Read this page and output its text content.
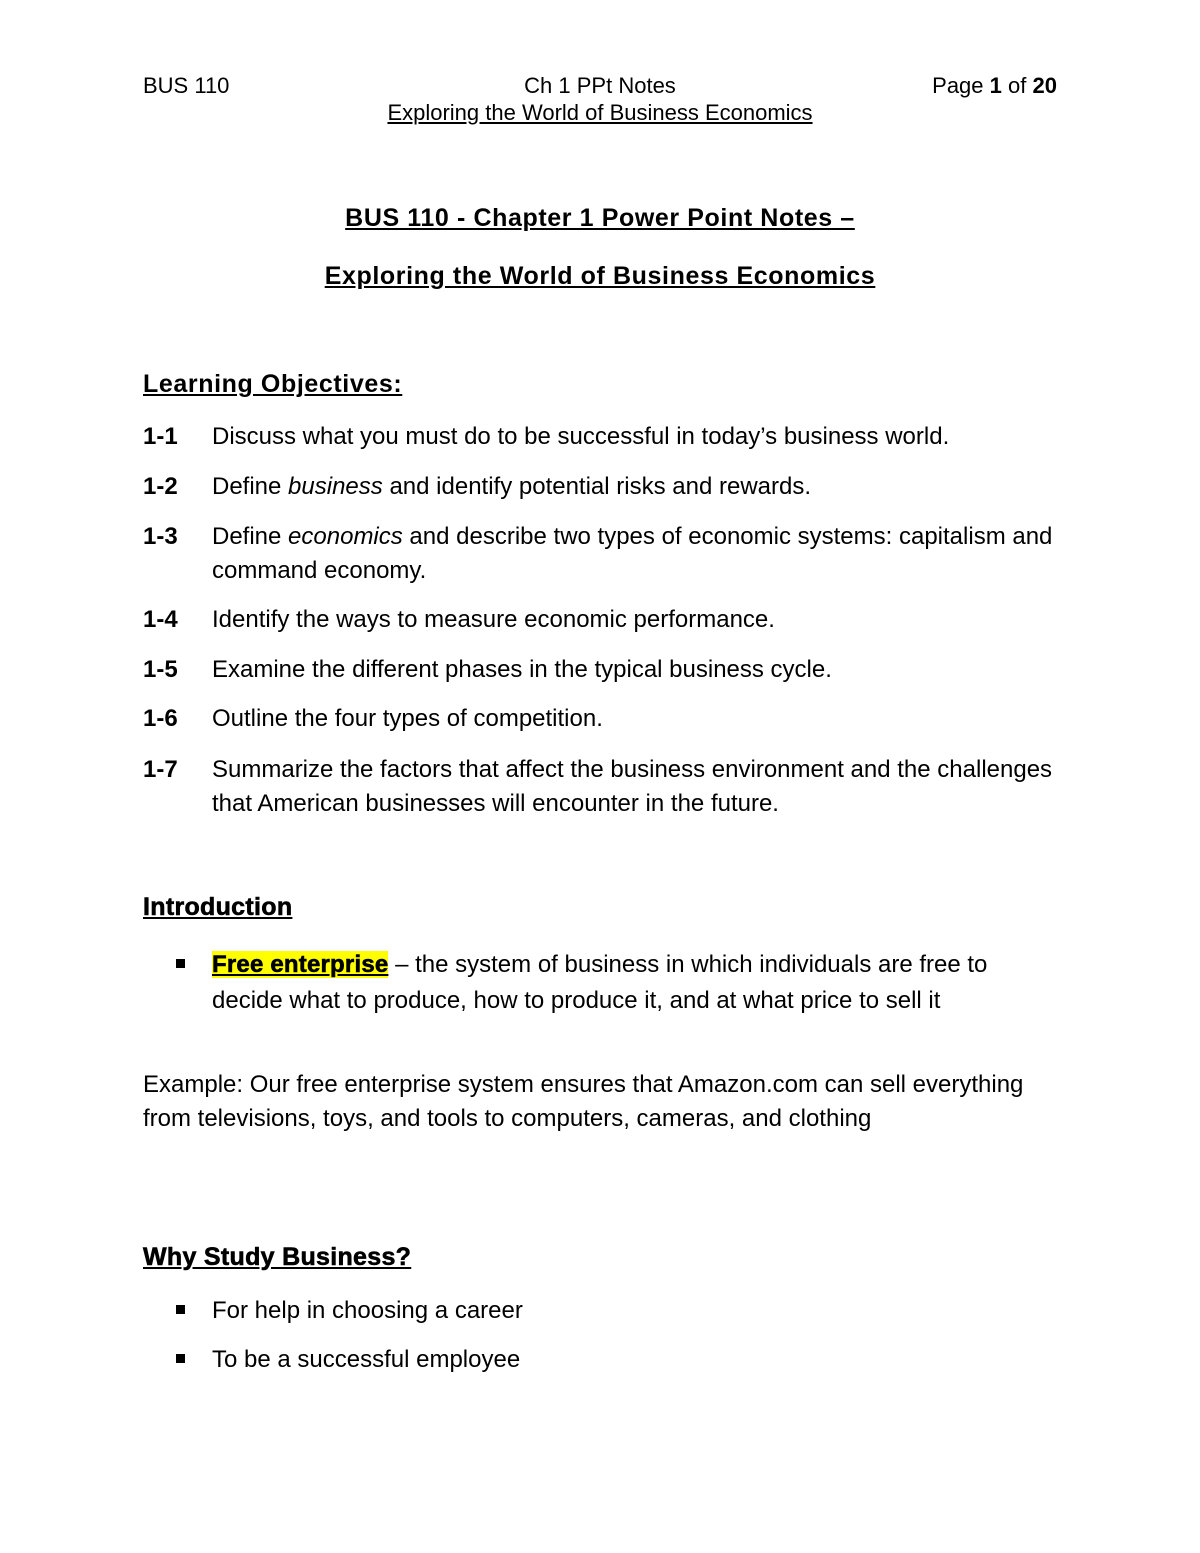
BUS 110	Ch 1 PPt Notes	Page 1 of 20
Exploring the World of Business Economics
BUS 110 - Chapter 1 Power Point Notes –
Exploring the World of Business Economics
Learning Objectives:
1-1 Discuss what you must do to be successful in today’s business world.
1-2 Define business and identify potential risks and rewards.
1-3 Define economics and describe two types of economic systems: capitalism and command economy.
1-4 Identify the ways to measure economic performance.
1-5 Examine the different phases in the typical business cycle.
1-6 Outline the four types of competition.
1-7 Summarize the factors that affect the business environment and the challenges that American businesses will encounter in the future.
Introduction
Free enterprise – the system of business in which individuals are free to decide what to produce, how to produce it, and at what price to sell it
Example: Our free enterprise system ensures that Amazon.com can sell everything from televisions, toys, and tools to computers, cameras, and clothing
Why Study Business?
For help in choosing a career
To be a successful employee
